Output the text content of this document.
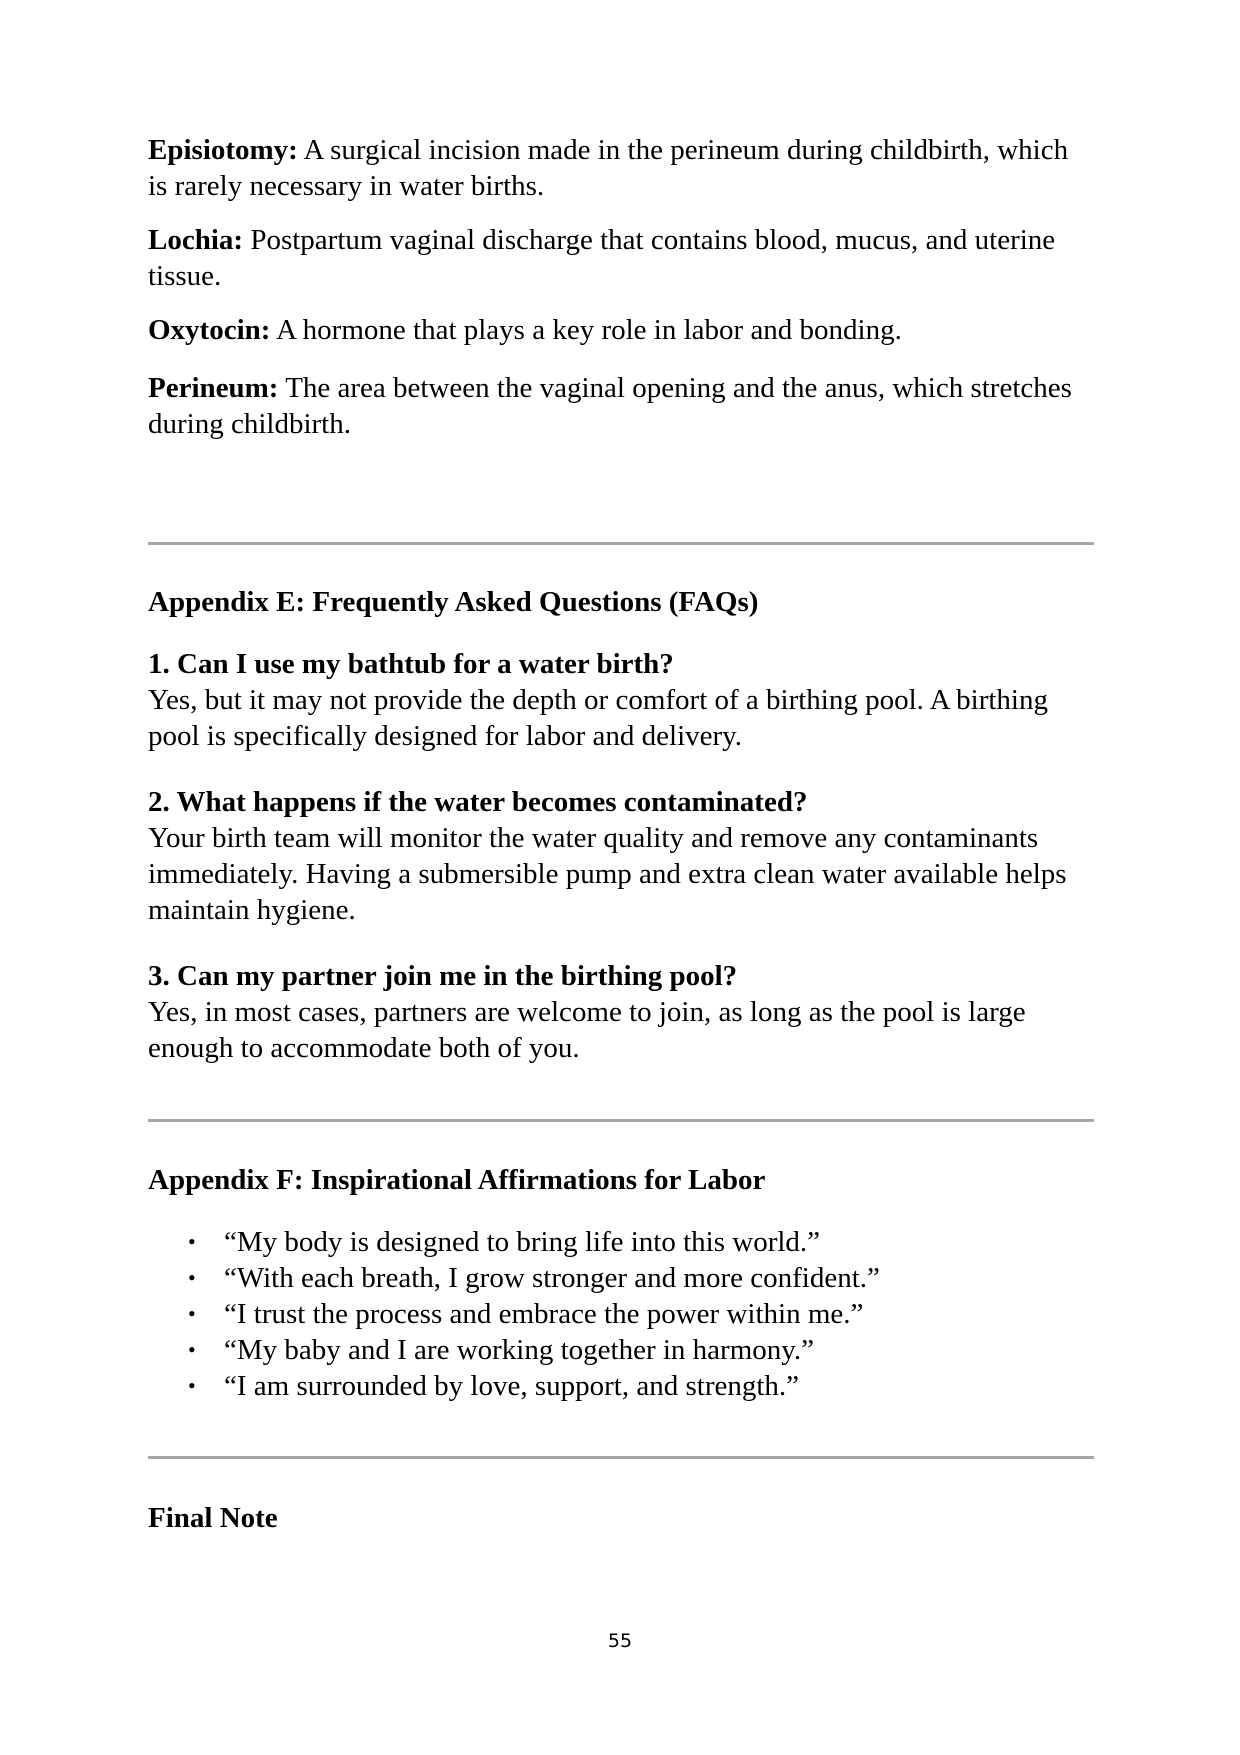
Episiotomy: A surgical incision made in the perineum during childbirth, which is rarely necessary in water births.

Lochia: Postpartum vaginal discharge that contains blood, mucus, and uterine tissue.

Oxytocin: A hormone that plays a key role in labor and bonding.

Perineum: The area between the vaginal opening and the anus, which stretches during childbirth.

Appendix E: Frequently Asked Questions (FAQs)

1. Can I use my bathtub for a water birth?

Yes, but it may not provide the depth or comfort of a birthing pool. A birthing pool is specifically designed for labor and delivery.

2. What happens if the water becomes contaminated?

Your birth team will monitor the water quality and remove any contaminants immediately. Having a submersible pump and extra clean water available helps maintain hygiene.

3. Can my partner join me in the birthing pool?

Yes, in most cases, partners are welcome to join, as long as the pool is large enough to accommodate both of you.

Appendix F: Inspirational Affirmations for Labor

• “My body is designed to bring life into this world.”
• “With each breath, I grow stronger and more confident.”
• “I trust the process and embrace the power within me.”
• “My baby and I are working together in harmony.”
• “I am surrounded by love, support, and strength.”

Final Note

55
